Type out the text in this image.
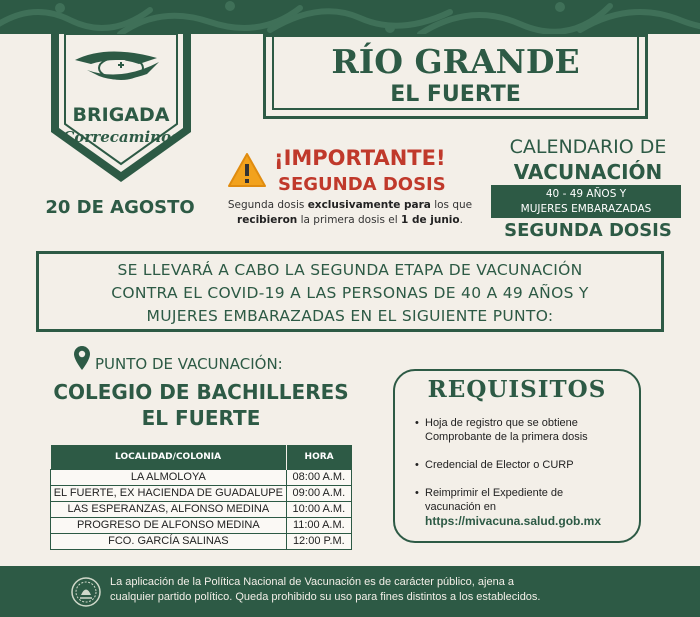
BRIGADA
Correcaminos
20 DE AGOSTO
RÍO GRANDE
EL FUERTE
¡IMPORTANTE!
SEGUNDA DOSIS
Segunda dosis exclusivamente para los que
recibieron la primera dosis el 1 de junio.
CALENDARIO DE
VACUNACIÓN
40 - 49 AÑOS Y
MUJERES EMBARAZADAS
SEGUNDA DOSIS

SE LLEVARÁ A CABO LA SEGUNDA ETAPA DE VACUNACIÓN

CONTRA EL COVID-19 A LAS PERSONAS DE 40 A 49 AÑOS Y

MUJERES EMBARAZADAS EN EL SIGUIENTE PUNTO:

PUNTO DE VACUNACIÓN:
COLEGIO DE BACHILLERES
EL FUERTE
LOCALIDAD/COLONIA	HORA
LA ALMOLOYA	08:00 A.M.
EL FUERTE, EX HACIENDA DE GUADALUPE	09:00 A.M.
LAS ESPERANZAS, ALFONSO MEDINA	10:00 A.M.
PROGRESO DE ALFONSO MEDINA	11:00 A.M.
FCO. GARCÍA SALINAS	12:00 P.M.
REQUISITOS
• Hoja de registro que se obtiene
Comprobante de la primera dosis
• Credencial de Elector o CURP
• Reimprimir el Expediente de
vacunación en
https://mivacuna.salud.gob.mx
La aplicación de la Política Nacional de Vacunación es de carácter público, ajena a
cualquier partido político. Queda prohibido su uso para fines distintos a los establecidos.
